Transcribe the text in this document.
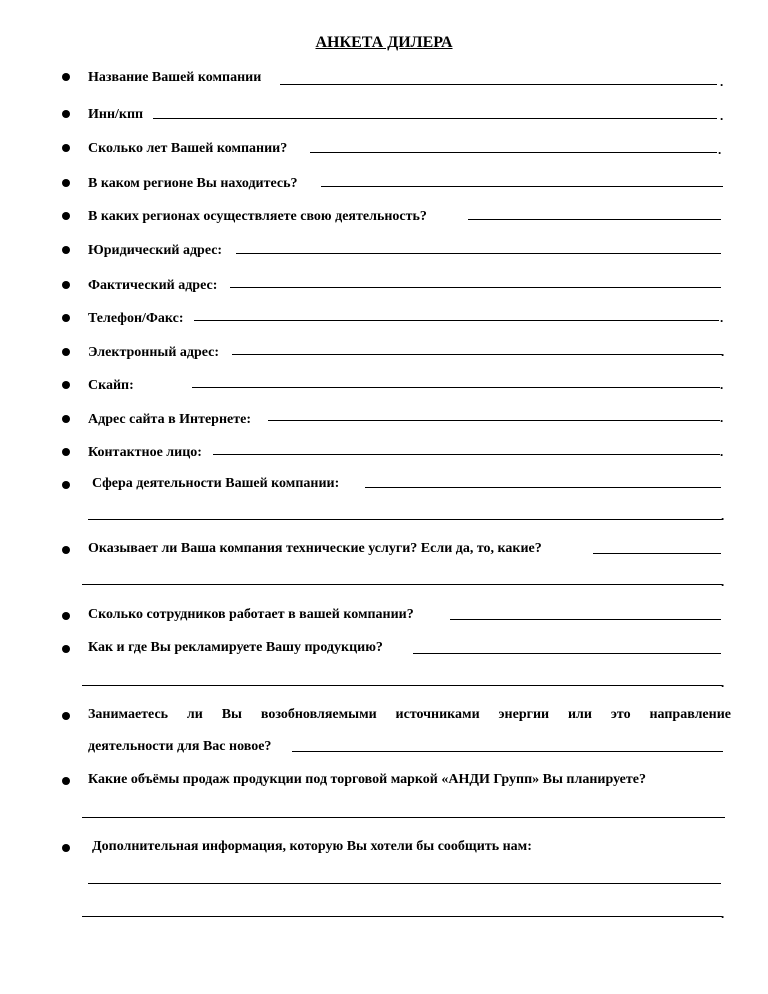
АНКЕТА ДИЛЕРА
Название Вашей компании	.
Инн/кпп	.
Сколько лет Вашей компании?	.
В каком регионе Вы находитесь?
В каких регионах осуществляете свою деятельность?
Юридический адрес:
Фактический адрес:
Телефон/Факс:	.
Электронный адрес:	.
Скайп:	.
Адрес сайта в Интернете:	.
Контактное лицо:	.
Сфера деятельности Вашей компании:
.
Оказывает ли Ваша компания технические услуги? Если да, то, какие?
.
Сколько сотрудников работает в вашей компании?
Как и где Вы рекламируете Вашу продукцию?
.
Занимаетесь ли Вы возобновляемыми источниками энергии или это направление
деятельности для Вас новое?
Какие объёмы продаж продукции под торговой маркой «АНДИ Групп» Вы планируете?
Дополнительная информация, которую Вы хотели бы сообщить нам:
.
